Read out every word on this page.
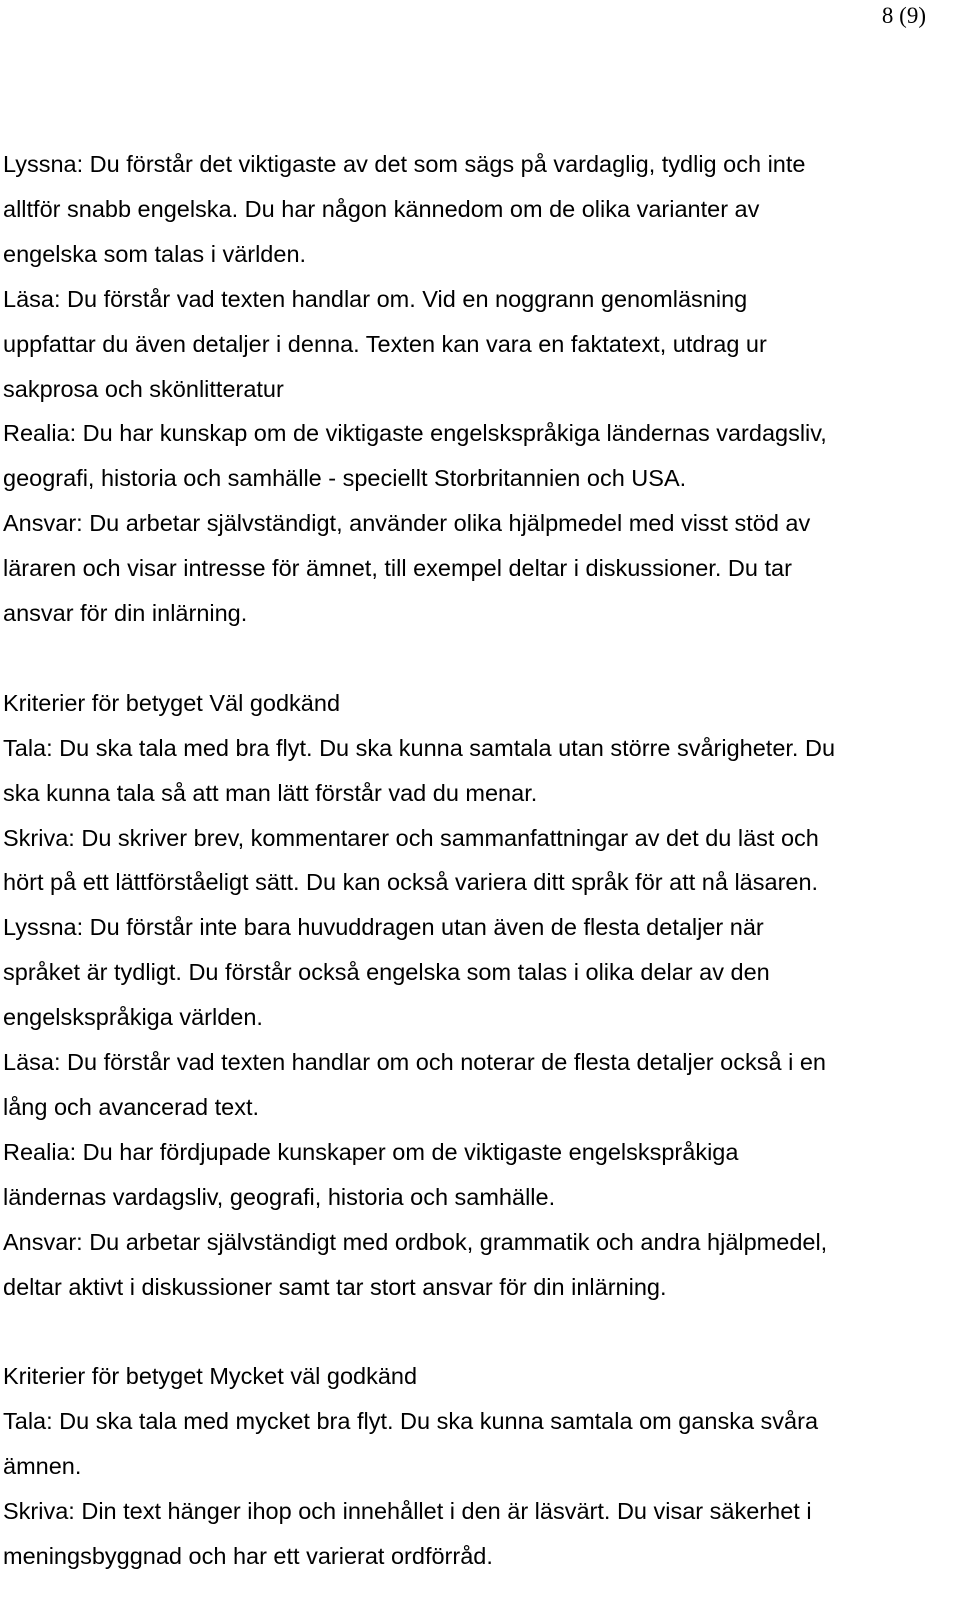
8 (9)
Lyssna: Du förstår det viktigaste av det som sägs på vardaglig, tydlig och inte
alltför snabb engelska. Du har någon kännedom om de olika varianter av
engelska som talas i världen.
Läsa: Du förstår vad texten handlar om. Vid en noggrann genomläsning
uppfattar du även detaljer i denna. Texten kan vara en faktatext, utdrag ur
sakprosa och skönlitteratur
Realia: Du har kunskap om de viktigaste engelskspråkiga ländernas vardagsliv,
geografi, historia och samhälle - speciellt Storbritannien och USA.
Ansvar: Du arbetar självständigt, använder olika hjälpmedel med visst stöd av
läraren och visar intresse för ämnet, till exempel deltar i diskussioner. Du tar
ansvar för din inlärning.
Kriterier för betyget Väl godkänd
Tala: Du ska tala med bra flyt. Du ska kunna samtala utan större svårigheter. Du
ska kunna tala så att man lätt förstår vad du menar.
Skriva: Du skriver brev, kommentarer och sammanfattningar av det du läst och
hört på ett lättförståeligt sätt. Du kan också variera ditt språk för att nå läsaren.
Lyssna: Du förstår inte bara huvuddragen utan även de flesta detaljer när
språket är tydligt. Du förstår också engelska som talas i olika delar av den
engelskspråkiga världen.
Läsa: Du förstår vad texten handlar om och noterar de flesta detaljer också i en
lång och avancerad text.
Realia: Du har fördjupade kunskaper om de viktigaste engelskspråkiga
ländernas vardagsliv, geografi, historia och samhälle.
Ansvar: Du arbetar självständigt med ordbok, grammatik och andra hjälpmedel,
deltar aktivt i diskussioner samt tar stort ansvar för din inlärning.
Kriterier för betyget Mycket väl godkänd
Tala: Du ska tala med mycket bra flyt. Du ska kunna samtala om ganska svåra
ämnen.
Skriva: Din text hänger ihop och innehållet i den är läsvärt. Du visar säkerhet i
meningsbyggnad och har ett varierat ordförråd.
